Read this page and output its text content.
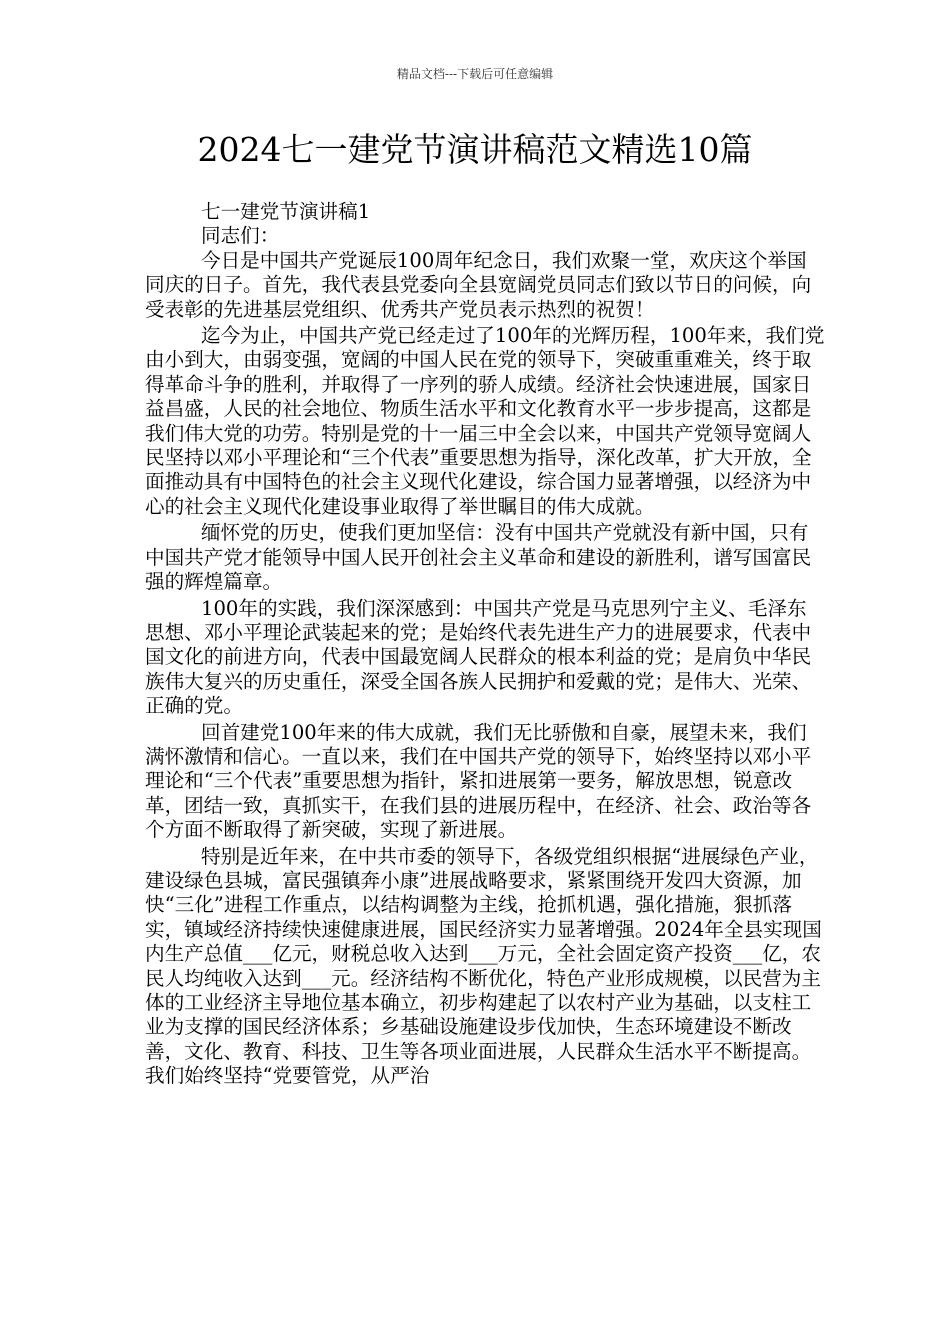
精品文档---下载后可任意编辑
2024七一建党节演讲稿范文精选10篇

七一建党节演讲稿1

同志们：

今日是中国共产党诞辰100周年纪念日，我们欢聚一堂，欢庆这个举国同庆的日子。首先，我代表县党委向全县宽阔党员同志们致以节日的问候，向受表彰的先进基层党组织、优秀共产党员表示热烈的祝贺！

迄今为止，中国共产党已经走过了100年的光辉历程，100年来，我们党由小到大，由弱变强，宽阔的中国人民在党的领导下，突破重重难关，终于取得革命斗争的胜利，并取得了一序列的骄人成绩。经济社会快速进展，国家日益昌盛，人民的社会地位、物质生活水平和文化教育水平一步步提高，这都是我们伟大党的功劳。特别是党的十一届三中全会以来，中国共产党领导宽阔人民坚持以邓小平理论和“三个代表”重要思想为指导，深化改革，扩大开放，全面推动具有中国特色的社会主义现代化建设，综合国力显著增强，以经济为中心的社会主义现代化建设事业取得了举世瞩目的伟大成就。

缅怀党的历史，使我们更加坚信：没有中国共产党就没有新中国，只有中国共产党才能领导中国人民开创社会主义革命和建设的新胜利，谱写国富民强的辉煌篇章。

100年的实践，我们深深感到：中国共产党是马克思列宁主义、毛泽东思想、邓小平理论武装起来的党；是始终代表先进生产力的进展要求，代表中国文化的前进方向，代表中国最宽阔人民群众的根本利益的党；是肩负中华民族伟大复兴的历史重任，深受全国各族人民拥护和爱戴的党；是伟大、光荣、正确的党。

回首建党100年来的伟大成就，我们无比骄傲和自豪，展望未来，我们满怀激情和信心。一直以来，我们在中国共产党的领导下，始终坚持以邓小平理论和“三个代表”重要思想为指针，紧扣进展第一要务，解放思想，锐意改革，团结一致，真抓实干，在我们县的进展历程中，在经济、社会、政治等各个方面不断取得了新突破，实现了新进展。

特别是近年来，在中共市委的领导下，各级党组织根据“进展绿色产业，建设绿色县城，富民强镇奔小康”进展战略要求，紧紧围绕开发四大资源，加快“三化”进程工作重点，以结构调整为主线，抢抓机遇，强化措施，狠抓落实，镇域经济持续快速健康进展，国民经济实力显著增强。2024年全县实现国内生产总值___亿元，财税总收入达到___万元，全社会固定资产投资___亿，农民人均纯收入达到___元。经济结构不断优化，特色产业形成规模，以民营为主体的工业经济主导地位基本确立，初步构建起了以农村产业为基础，以支柱工业为支撑的国民经济体系；乡基础设施建设步伐加快，生态环境建设不断改善，文化、教育、科技、卫生等各项业面进展，人民群众生活水平不断提高。我们始终坚持“党要管党，从严治
